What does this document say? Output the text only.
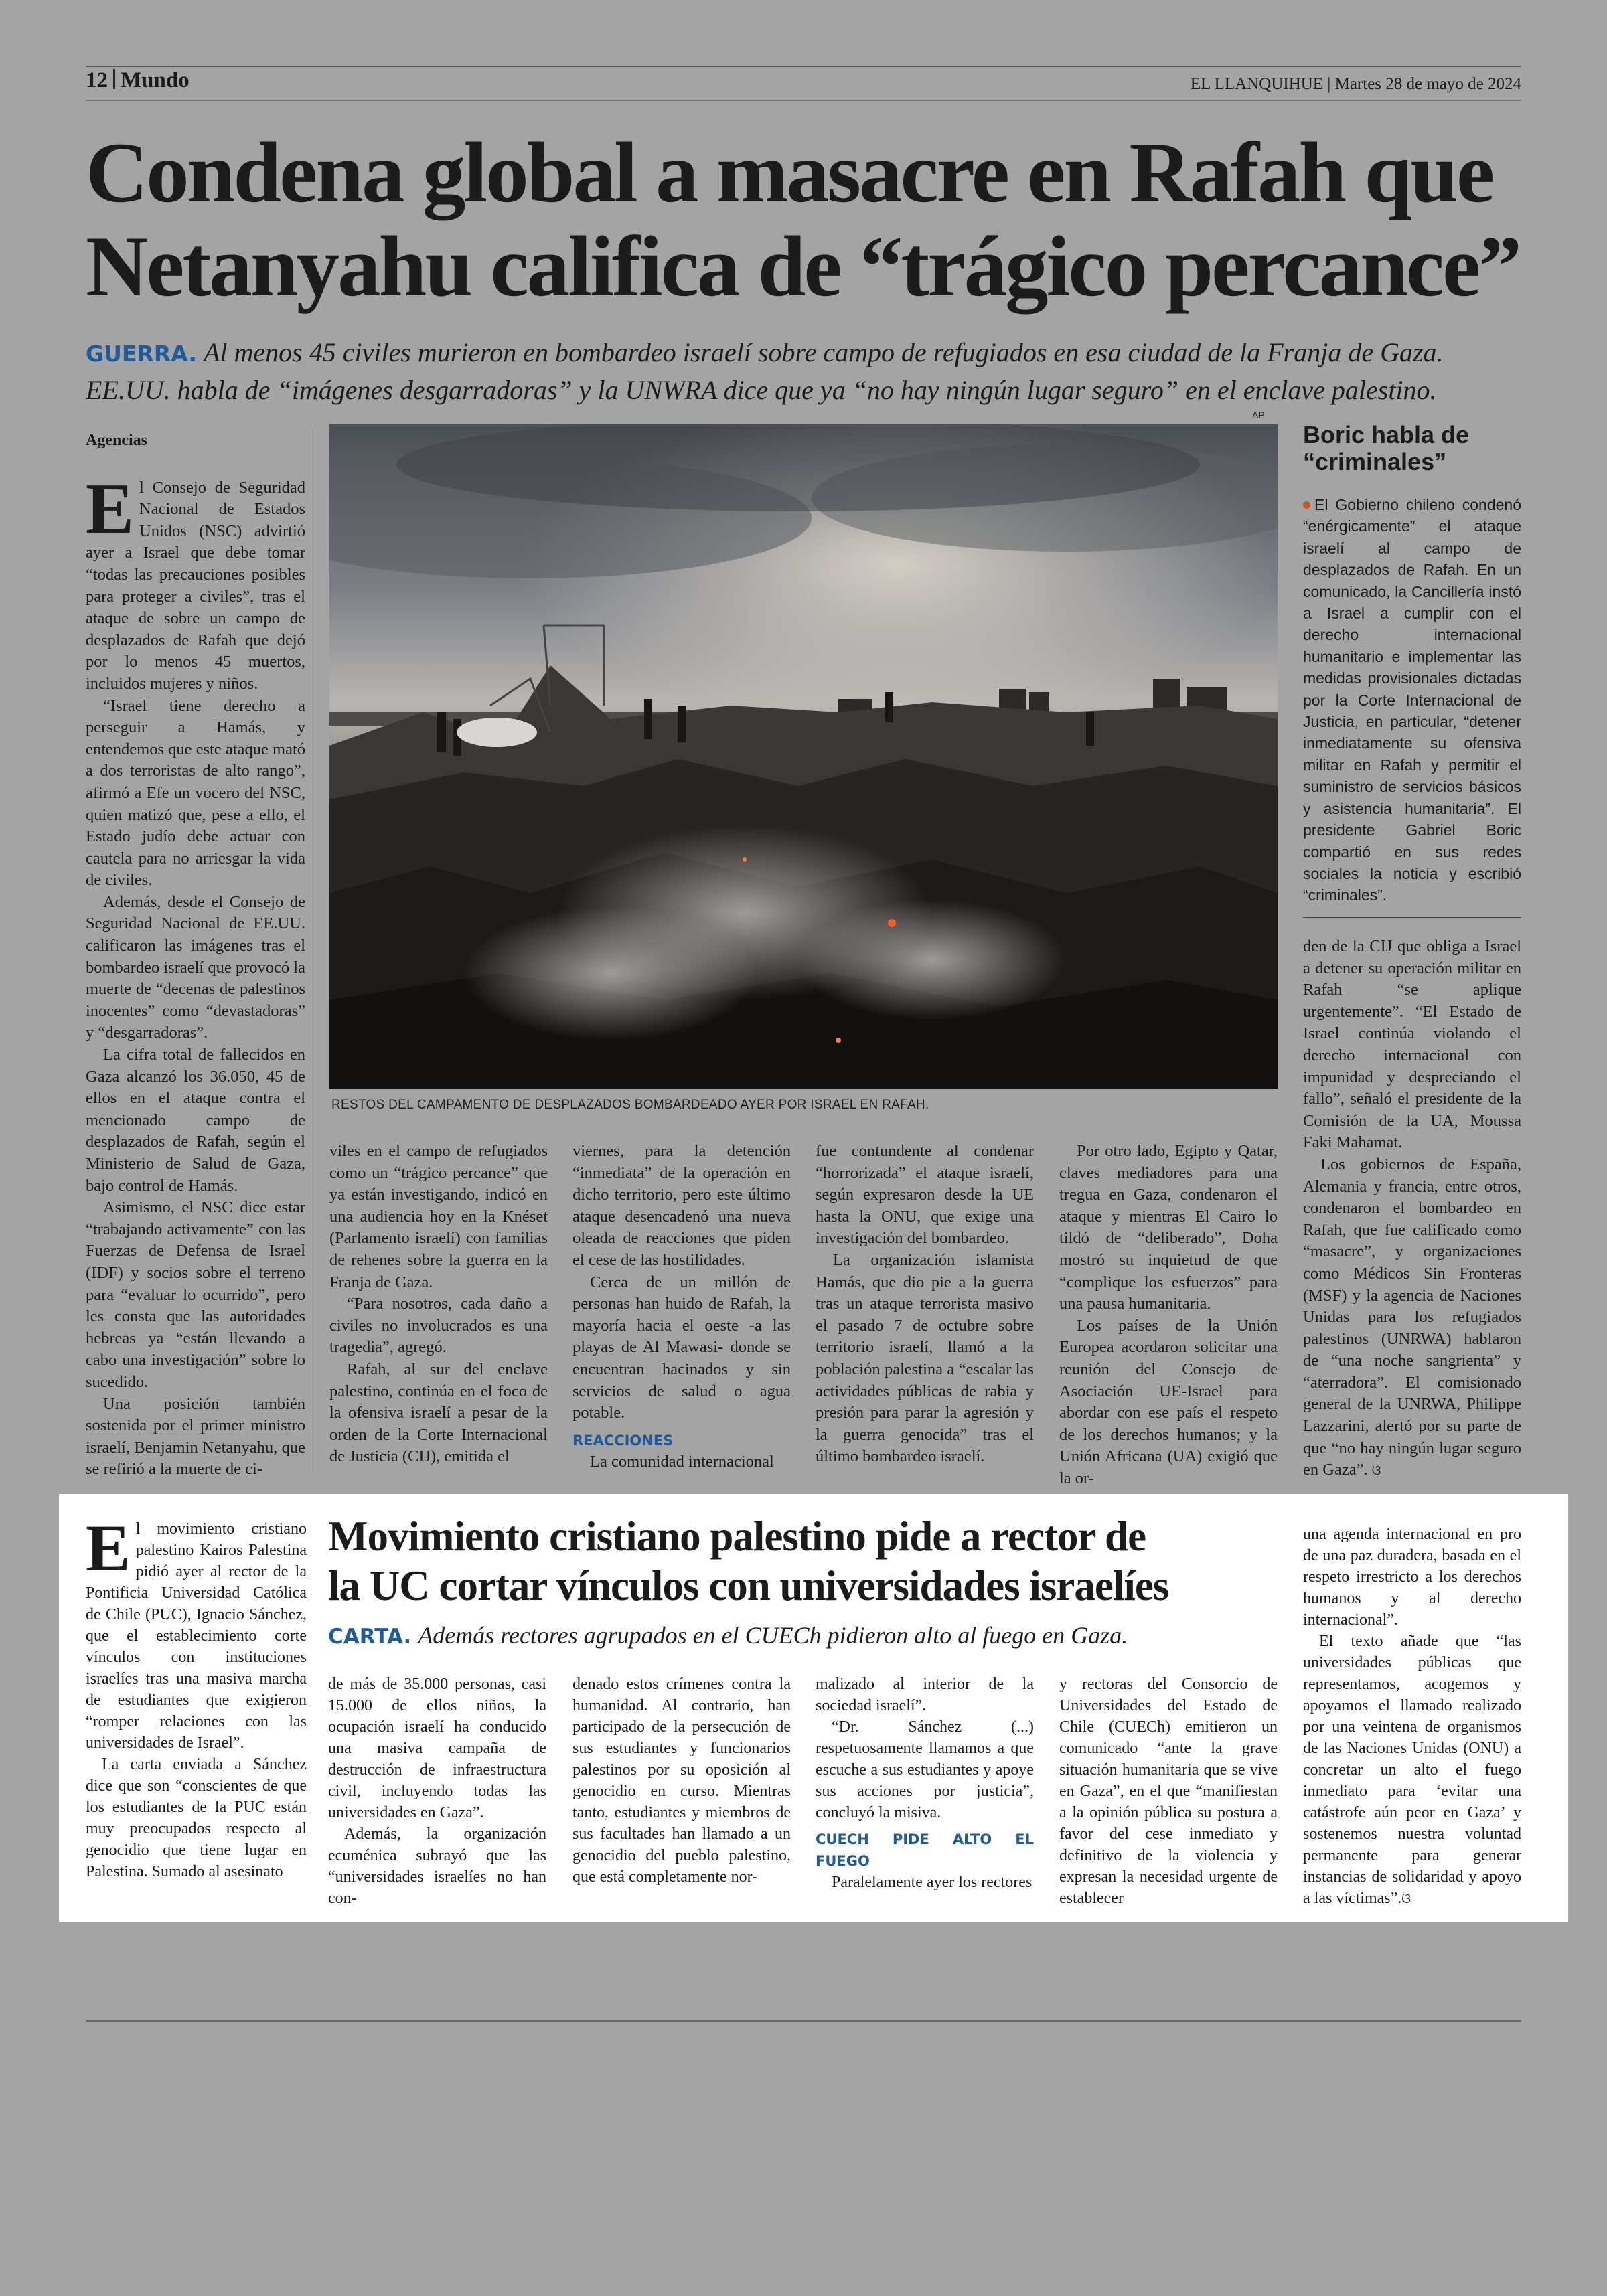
12 Mundo	EL LLANQUIHUE | Martes 28 de mayo de 2024
Condena global a masacre en Rafah que
Netanyahu califica de “trágico percance”
GUERRA. Al menos 45 civiles murieron en bombardeo israelí sobre campo de refugiados en esa ciudad de la Franja de Gaza. EE.UU. habla de “imágenes desgarradoras” y la UNWRA dice que ya “no hay ningún lugar seguro” en el enclave palestino.
Agencias

El Consejo de Seguridad Nacional de Estados Unidos (NSC) advirtió ayer a Israel que debe tomar “todas las precauciones posibles para proteger a civiles”, tras el ataque de sobre un campo de desplazados de Rafah que dejó por lo menos 45 muertos, incluidos mujeres y niños.

“Israel tiene derecho a perseguir a Hamás, y entendemos que este ataque mató a dos terroristas de alto rango”, afirmó a Efe un vocero del NSC, quien matizó que, pese a ello, el Estado judío debe actuar con cautela para no arriesgar la vida de civiles.

Además, desde el Consejo de Seguridad Nacional de EE.UU. calificaron las imágenes tras el bombardeo israelí que provocó la muerte de “decenas de palestinos inocentes” como “devastadoras” y “desgarradoras”.

La cifra total de fallecidos en Gaza alcanzó los 36.050, 45 de ellos en el ataque contra el mencionado campo de desplazados de Rafah, según el Ministerio de Salud de Gaza, bajo control de Hamás.

Asimismo, el NSC dice estar “trabajando activamente” con las Fuerzas de Defensa de Israel (IDF) y socios sobre el terreno para “evaluar lo ocurrido”, pero les consta que las autoridades hebreas ya “están llevando a cabo una investigación” sobre lo sucedido.

Una posición también sostenida por el primer ministro israelí, Benjamin Netanyahu, que se refirió a la muerte de ci-

AP
RESTOS DEL CAMPAMENTO DE DESPLAZADOS BOMBARDEADO AYER POR ISRAEL EN RAFAH.
Boric habla de “criminales”

El Gobierno chileno condenó “enérgicamente” el ataque israelí al campo de desplazados de Rafah. En un comunicado, la Cancillería instó a Israel a cumplir con el derecho internacional humanitario e implementar las medidas provisionales dictadas por la Corte Internacional de Justicia, en particular, “detener inmediatamente su ofensiva militar en Rafah y permitir el suministro de servicios básicos y asistencia humanitaria”. El presidente Gabriel Boric compartió en sus redes sociales la noticia y escribió “criminales”.

den de la CIJ que obliga a Israel a detener su operación militar en Rafah “se aplique urgentemente”. “El Estado de Israel continúa violando el derecho internacional con impunidad y despreciando el fallo”, señaló el presidente de la Comisión de la UA, Moussa Faki Mahamat.

Los gobiernos de España, Alemania y francia, entre otros, condenaron el bombardeo en Rafah, que fue calificado como “masacre”, y organizaciones como Médicos Sin Fronteras (MSF) y la agencia de Naciones Unidas para los refugiados palestinos (UNRWA) hablaron de “una noche sangrienta” y “aterradora”. El comisionado general de la UNRWA, Philippe Lazzarini, alertó por su parte de que “no hay ningún lugar seguro en Gaza”. ଓ

viles en el campo de refugiados como un “trágico percance” que ya están investigando, indicó en una audiencia hoy en la Knéset (Parlamento israelí) con familias de rehenes sobre la guerra en la Franja de Gaza.

“Para nosotros, cada daño a civiles no involucrados es una tragedia”, agregó.

Rafah, al sur del enclave palestino, continúa en el foco de la ofensiva israelí a pesar de la orden de la Corte Internacional de Justicia (CIJ), emitida el

viernes, para la detención “inmediata” de la operación en dicho territorio, pero este último ataque desencadenó una nueva oleada de reacciones que piden el cese de las hostilidades.

Cerca de un millón de personas han huido de Rafah, la mayoría hacia el oeste -a las playas de Al Mawasi- donde se encuentran hacinados y sin servicios de salud o agua potable.

REACCIONES

La comunidad internacional

fue contundente al condenar “horrorizada” el ataque israelí, según expresaron desde la UE hasta la ONU, que exige una investigación del bombardeo.

La organización islamista Hamás, que dio pie a la guerra tras un ataque terrorista masivo el pasado 7 de octubre sobre territorio israelí, llamó a la población palestina a “escalar las actividades públicas de rabia y presión para parar la agresión y la guerra genocida” tras el último bombardeo israelí.

Por otro lado, Egipto y Qatar, claves mediadores para una tregua en Gaza, condenaron el ataque y mientras El Cairo lo tildó de “deliberado”, Doha mostró su inquietud de que “complique los esfuerzos” para una pausa humanitaria.

Los países de la Unión Europea acordaron solicitar una reunión del Consejo de Asociación UE-Israel para abordar con ese país el respeto de los derechos humanos; y la Unión Africana (UA) exigió que la or-

El movimiento cristiano palestino Kairos Palestina pidió ayer al rector de la Pontificia Universidad Católica de Chile (PUC), Ignacio Sánchez, que el establecimiento corte vínculos con instituciones israelíes tras una masiva marcha de estudiantes que exigieron “romper relaciones con las universidades de Israel”.

La carta enviada a Sánchez dice que son “conscientes de que los estudiantes de la PUC están muy preocupados respecto al genocidio que tiene lugar en Palestina. Sumado al asesinato

Movimiento cristiano palestino pide a rector de
la UC cortar vínculos con universidades israelíes
CARTA. Además rectores agrupados en el CUECh pidieron alto al fuego en Gaza.

de más de 35.000 personas, casi 15.000 de ellos niños, la ocupación israelí ha conducido una masiva campaña de destrucción de infraestructura civil, incluyendo todas las universidades en Gaza”.

Además, la organización ecuménica subrayó que las “universidades israelíes no han con-

denado estos crímenes contra la humanidad. Al contrario, han participado de la persecución de sus estudiantes y funcionarios palestinos por su oposición al genocidio en curso. Mientras tanto, estudiantes y miembros de sus facultades han llamado a un genocidio del pueblo palestino, que está completamente nor-

malizado al interior de la sociedad israelí”.

“Dr. Sánchez (...) respetuosamente llamamos a que escuche a sus estudiantes y apoye sus acciones por justicia”, concluyó la misiva.

CUECH PIDE ALTO EL FUEGO

Paralelamente ayer los rectores

y rectoras del Consorcio de Universidades del Estado de Chile (CUECh) emitieron un comunicado “ante la grave situación humanitaria que se vive en Gaza”, en el que “manifiestan a la opinión pública su postura a favor del cese inmediato y definitivo de la violencia y expresan la necesidad urgente de establecer

una agenda internacional en pro de una paz duradera, basada en el respeto irrestricto a los derechos humanos y al derecho internacional”.

El texto añade que “las universidades públicas que representamos, acogemos y apoyamos el llamado realizado por una veintena de organismos de las Naciones Unidas (ONU) a concretar un alto el fuego inmediato para ‘evitar una catástrofe aún peor en Gaza’ y sostenemos nuestra voluntad permanente para generar instancias de solidaridad y apoyo a las víctimas”.ଓ
